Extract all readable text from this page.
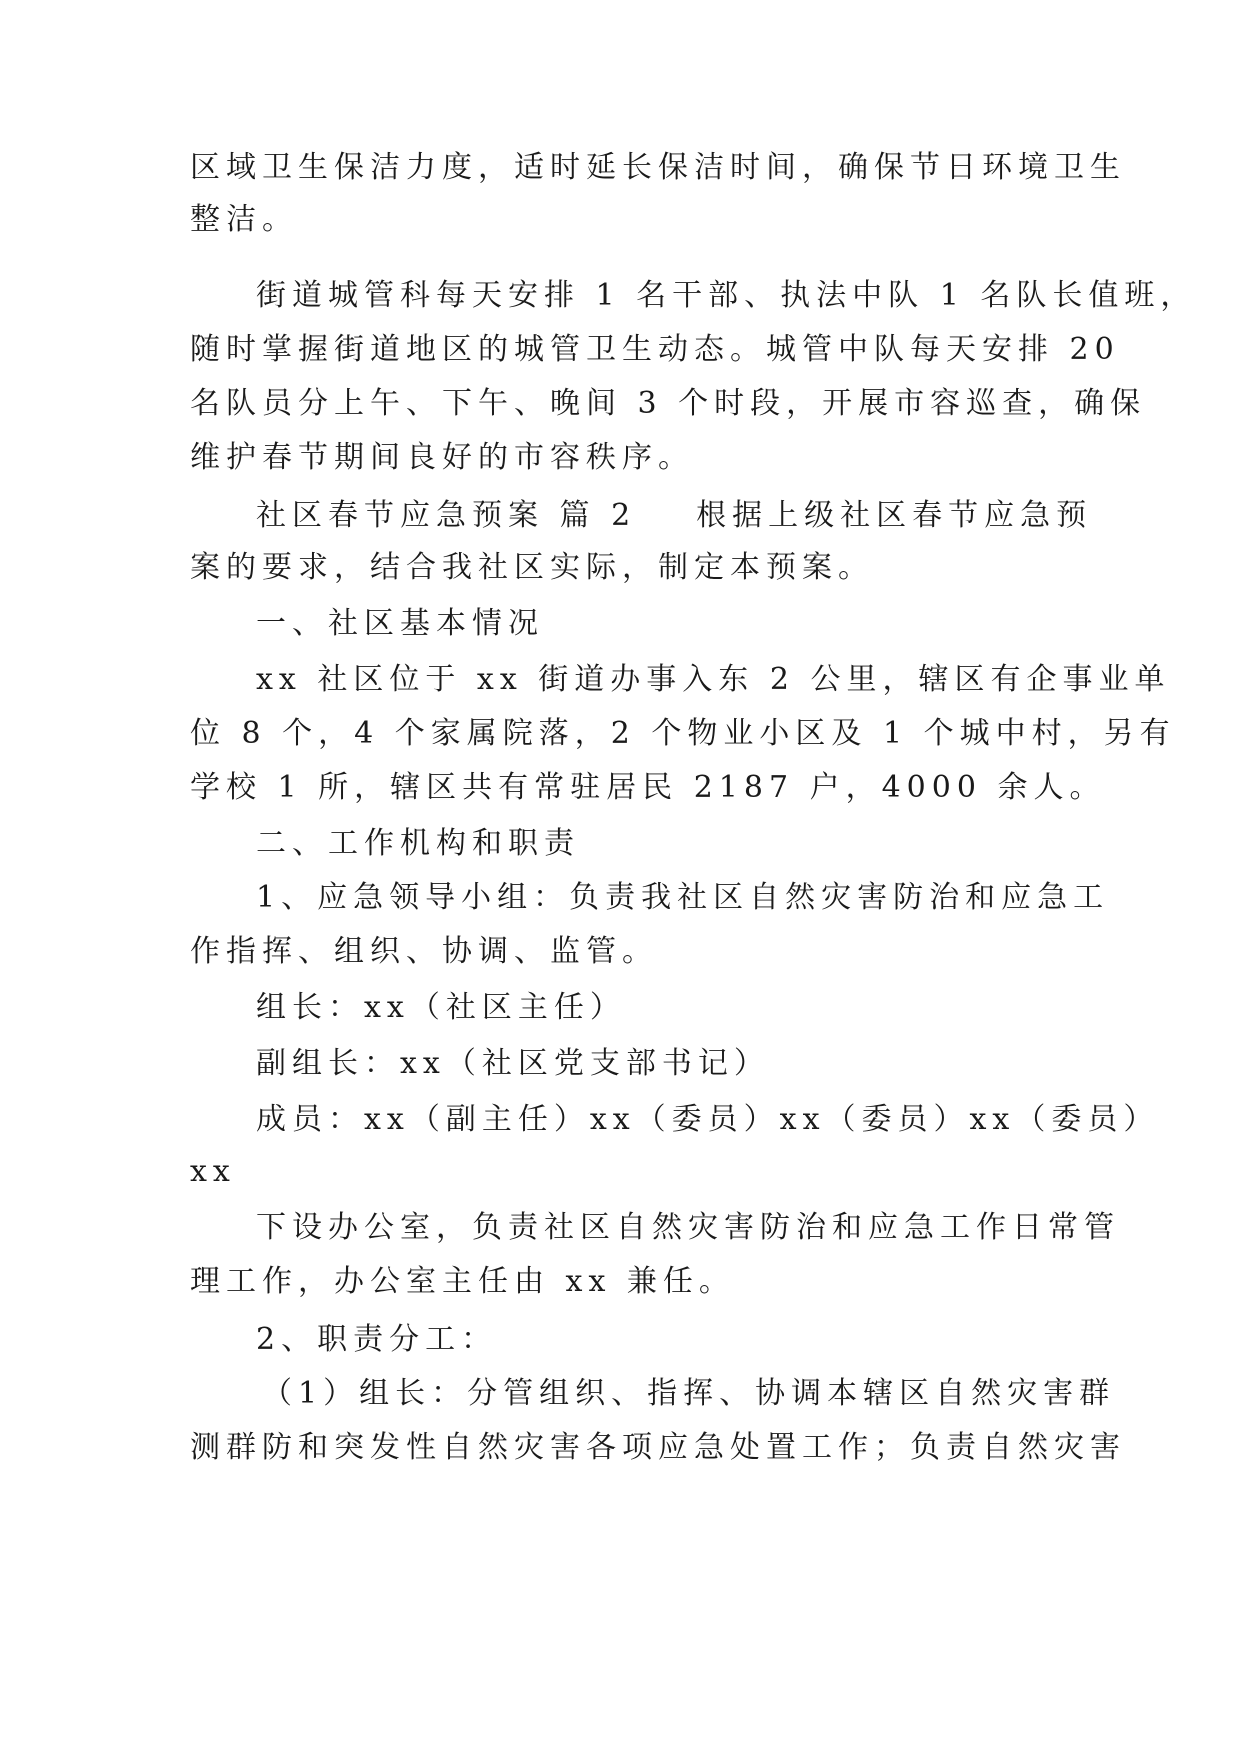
区域卫生保洁力度，适时延长保洁时间，确保节日环境卫生
整洁。
街道城管科每天安排 1 名干部、执法中队 1 名队长值班，
随时掌握街道地区的城管卫生动态。城管中队每天安排 20
名队员分上午、下午、晚间 3 个时段，开展市容巡查，确保
维护春节期间良好的市容秩序。
社区春节应急预案 篇 2 根据上级社区春节应急预
案的要求，结合我社区实际，制定本预案。
一、社区基本情况
xx 社区位于 xx 街道办事入东 2 公里，辖区有企事业单
位 8 个，4 个家属院落，2 个物业小区及 1 个城中村，另有
学校 1 所，辖区共有常驻居民 2187 户，4000 余人。
二、工作机构和职责
1、应急领导小组：负责我社区自然灾害防治和应急工
作指挥、组织、协调、监管。
组长：xx（社区主任）
副组长：xx（社区党支部书记）
成员：xx（副主任）xx（委员）xx（委员）xx（委员）
xx
下设办公室，负责社区自然灾害防治和应急工作日常管
理工作，办公室主任由 xx 兼任。
2、职责分工：
（1）组长：分管组织、指挥、协调本辖区自然灾害群
测群防和突发性自然灾害各项应急处置工作；负责自然灾害
